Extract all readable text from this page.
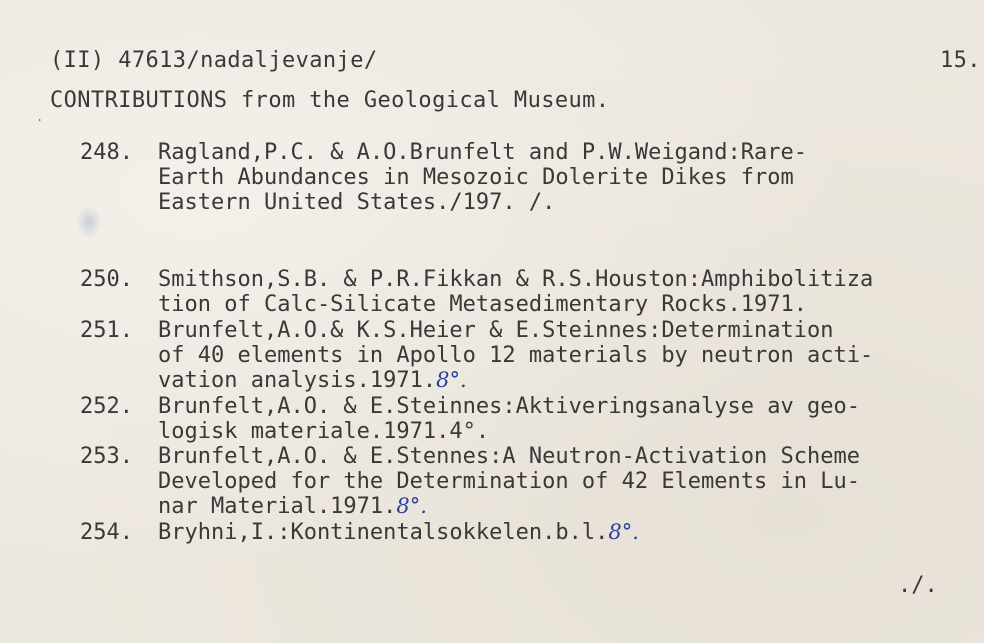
(II) 47613/nadaljevanje/	15.
.
CONTRIBUTIONS from the Geological Museum.
248. Ragland,P.C. & A.O.Brunfelt and P.W.Weigand:Rare-
Earth Abundances in Mesozoic Dolerite Dikes from
Eastern United States./197. /.
250. Smithson,S.B. & P.R.Fikkan & R.S.Houston:Amphibolitiza
tion of Calc-Silicate Metasedimentary Rocks.1971.
251. Brunfelt,A.O.& K.S.Heier & E.Steinnes:Determination
of 40 elements in Apollo 12 materials by neutron acti-
vation analysis.1971.8°.
252. Brunfelt,A.O. & E.Steinnes:Aktiveringsanalyse av geo-
logisk materiale.1971.4°.
253. Brunfelt,A.O. & E.Stennes:A Neutron-Activation Scheme
Developed for the Determination of 42 Elements in Lu-
nar Material.1971.8°.
254. Bryhni,I.:Kontinentalsokkelen.b.l.8°.
./.
